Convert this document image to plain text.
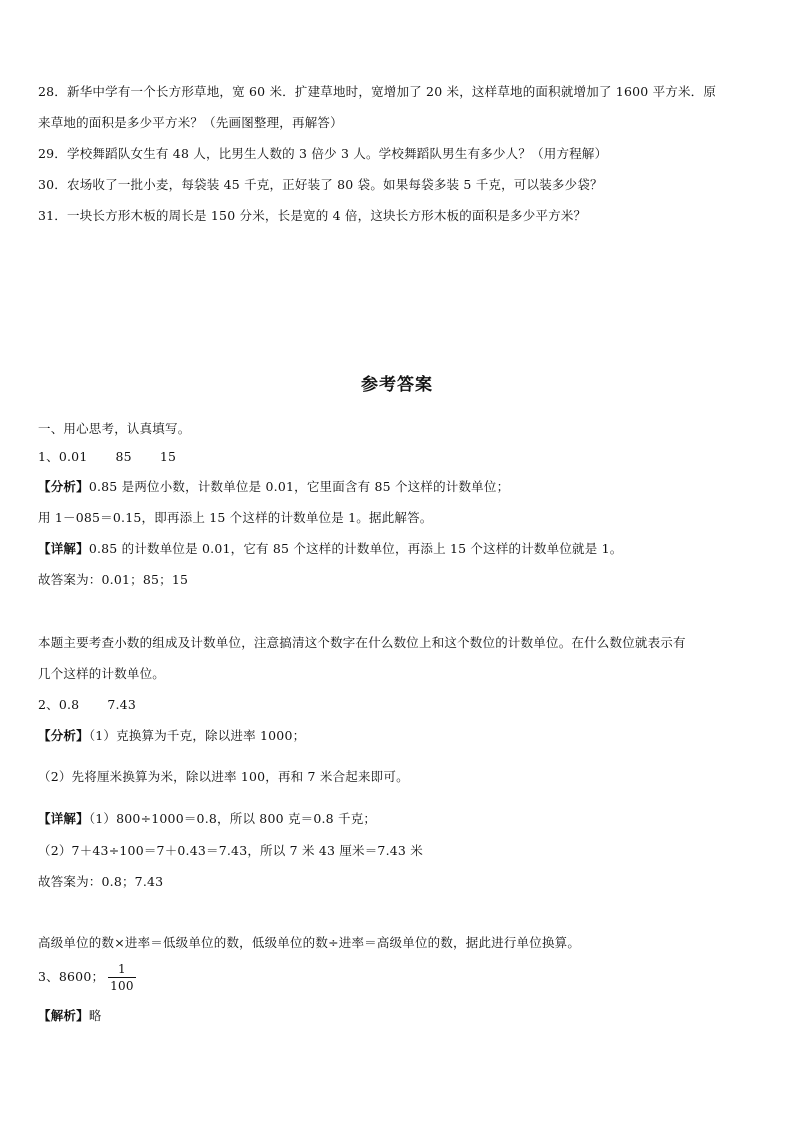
28．新华中学有一个长方形草地，宽 60 米．扩建草地时，宽增加了 20 米，这样草地的面积就增加了 1600 平方米．原
来草地的面积是多少平方米？（先画图整理，再解答）
29．学校舞蹈队女生有 48 人，比男生人数的 3 倍少 3 人。学校舞蹈队男生有多少人？（用方程解）
30．农场收了一批小麦，每袋装 45 千克，正好装了 80 袋。如果每袋多装 5 千克，可以装多少袋？
31．一块长方形木板的周长是 150 分米，长是宽的 4 倍，这块长方形木板的面积是多少平方米？
参考答案
一、用心思考，认真填写。
1、0.01 85 15
【分析】0.85 是两位小数，计数单位是 0.01，它里面含有 85 个这样的计数单位；
用 1－085＝0.15，即再添上 15 个这样的计数单位是 1。据此解答。
【详解】0.85 的计数单位是 0.01，它有 85 个这样的计数单位，再添上 15 个这样的计数单位就是 1。
故答案为：0.01；85；15
本题主要考查小数的组成及计数单位，注意搞清这个数字在什么数位上和这个数位的计数单位。在什么数位就表示有
几个这样的计数单位。
2、0.8 7.43
【分析】（1）克换算为千克，除以进率 1000；
（2）先将厘米换算为米，除以进率 100，再和 7 米合起来即可。
【详解】（1）800÷1000＝0.8，所以 800 克＝0.8 千克；
（2）7＋43÷100＝7＋0.43＝7.43，所以 7 米 43 厘米＝7.43 米
故答案为：0.8；7.43
高级单位的数×进率＝低级单位的数，低级单位的数÷进率＝高级单位的数，据此进行单位换算。
3、8600； $\frac{1}{100}$
【解析】略
